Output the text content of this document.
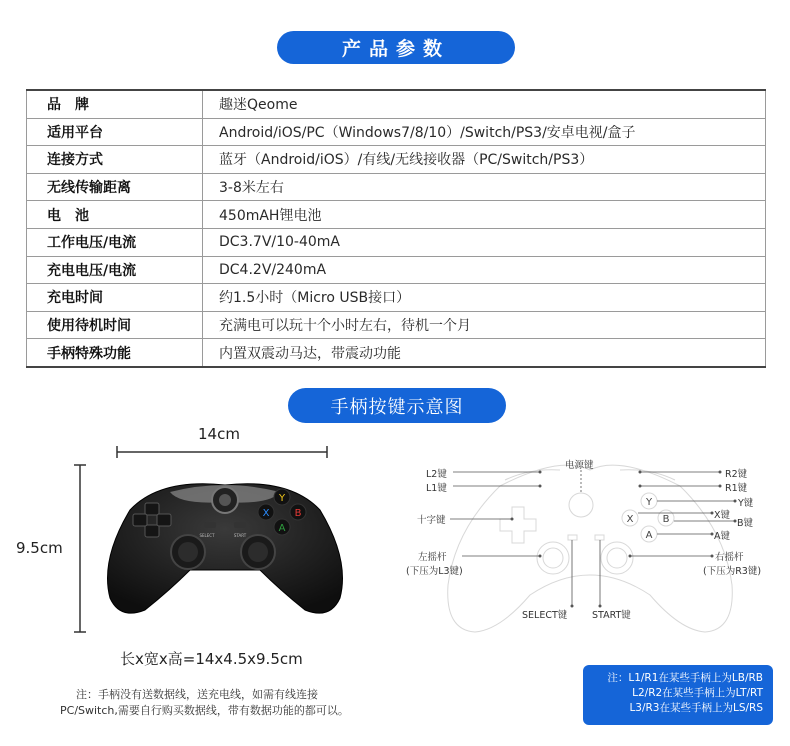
产品参数
品　牌	趣迷Qeome
适用平台	Android/iOS/PC（Windows7/8/10）/Switch/PS3/安卓电视/盒子
连接方式	蓝牙（Android/iOS）/有线/无线接收器（PC/Switch/PS3）
无线传输距离	3-8米左右
电　池	450mAH锂电池
工作电压/电流	DC3.7V/10-40mA
充电电压/电流	DC4.2V/240mA
充电时间	约1.5小时（Micro USB接口）
使用待机时间	充满电可以玩十个小时左右，待机一个月
手柄特殊功能	内置双震动马达，带震动功能
手柄按键示意图
14cm
9.5cm
Y
X	B
A
SELECT	START
长x宽x高=14x4.5x9.5cm
注：手柄没有送数据线，送充电线，如需有线连接
PC/Switch,需要自行购买数据线，带有数据功能的都可以。
Y
X	B
A
L2键
L1键
电源键
R2键
R1键
Y键
X键
B键
A键
十字键
左摇杆
(下压为L3键)
右摇杆
(下压为R3键)
SELECT键	START键
注：L1/R1在某些手柄上为LB/RB
L2/R2在某些手柄上为LT/RT
L3/R3在某些手柄上为LS/RS
